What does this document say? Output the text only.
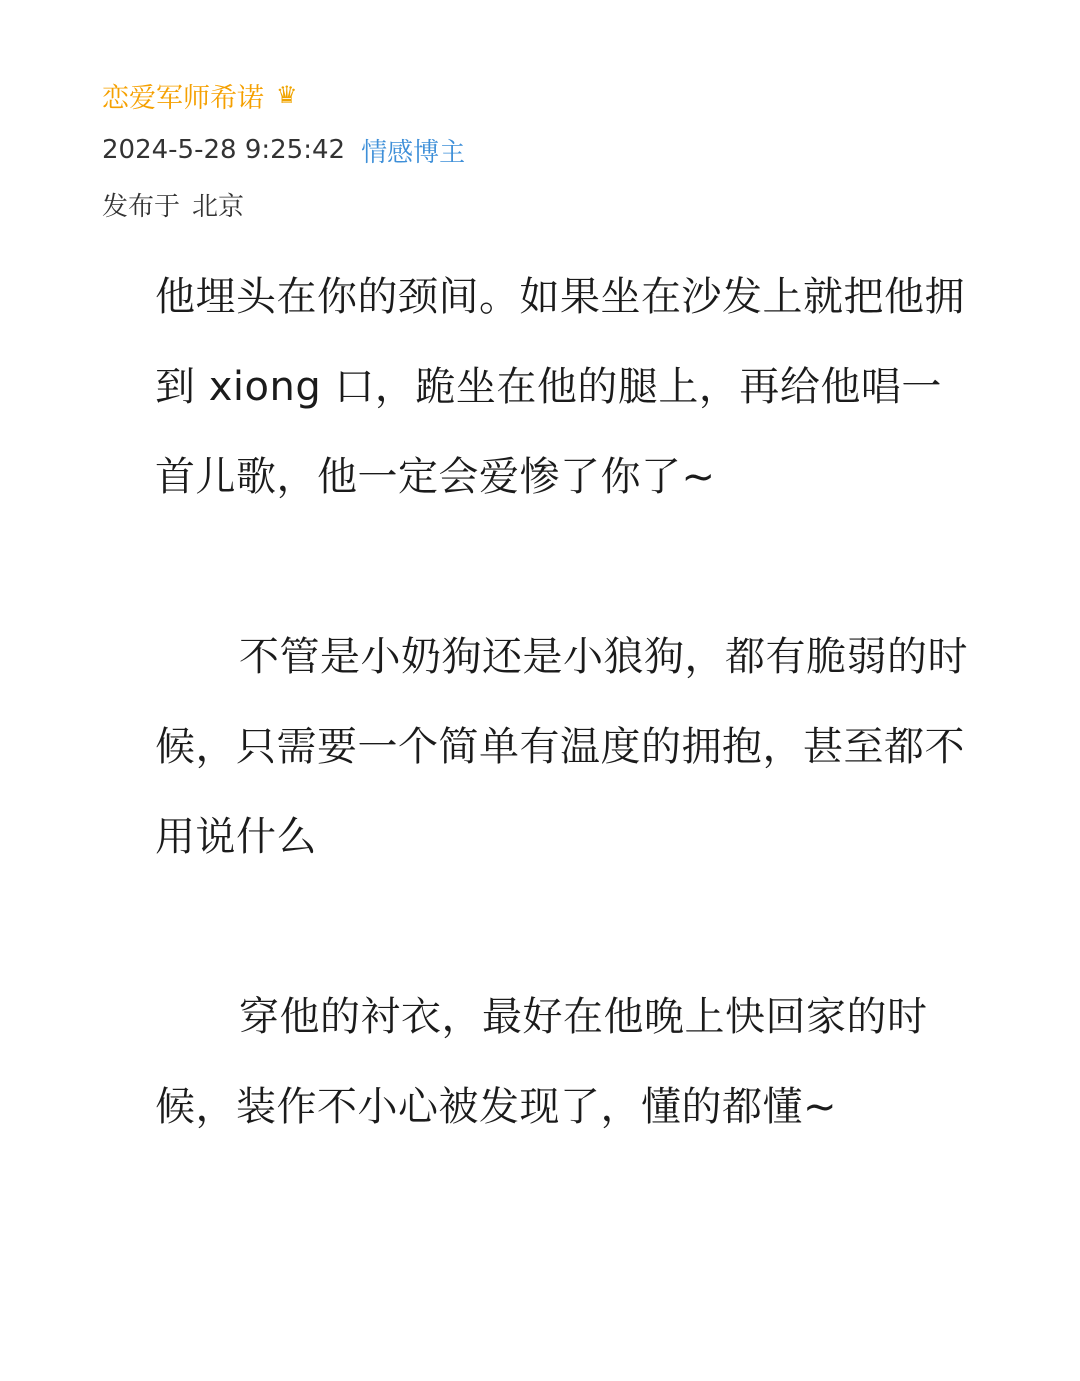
恋爱军师希诺 ♛
2024-5-28 9:25:42 情感博主
发布于 北京

他埋头在你的颈间。如果坐在沙发上就把他拥到 xiong 口，跪坐在他的腿上，再给他唱一首儿歌，他一定会爱惨了你了~

不管是小奶狗还是小狼狗，都有脆弱的时候，只需要一个简单有温度的拥抱，甚至都不用说什么

穿他的衬衣，最好在他晚上快回家的时候，装作不小心被发现了，懂的都懂~
